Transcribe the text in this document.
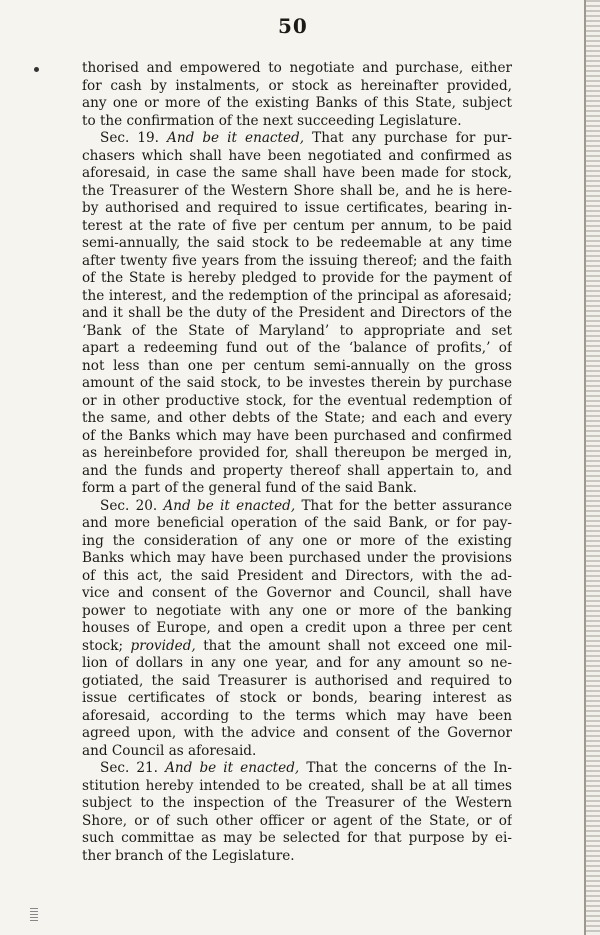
50
thorised and empowered to negotiate and purchase, either
for cash by instalments, or stock as hereinafter provided,
any one or more of the existing Banks of this State, subject
to the confirmation of the next succeeding Legislature.
Sec. 19. And be it enacted, That any purchase for pur-
chasers which shall have been negotiated and confirmed as
aforesaid, in case the same shall have been made for stock,
the Treasurer of the Western Shore shall be, and he is here-
by authorised and required to issue certificates, bearing in-
terest at the rate of five per centum per annum, to be paid
semi-annually, the said stock to be redeemable at any time
after twenty five years from the issuing thereof; and the faith
of the State is hereby pledged to provide for the payment of
the interest, and the redemption of the principal as aforesaid;
and it shall be the duty of the President and Directors of the
‘Bank of the State of Maryland’ to appropriate and set
apart a redeeming fund out of the ‘balance of profits,’ of
not less than one per centum semi-annually on the gross
amount of the said stock, to be investes therein by purchase
or in other productive stock, for the eventual redemption of
the same, and other debts of the State; and each and every
of the Banks which may have been purchased and confirmed
as hereinbefore provided for, shall thereupon be merged in,
and the funds and property thereof shall appertain to, and
form a part of the general fund of the said Bank.
Sec. 20. And be it enacted, That for the better assurance
and more beneficial operation of the said Bank, or for pay-
ing the consideration of any one or more of the existing
Banks which may have been purchased under the provisions
of this act, the said President and Directors, with the ad-
vice and consent of the Governor and Council, shall have
power to negotiate with any one or more of the banking
houses of Europe, and open a credit upon a three per cent
stock; provided, that the amount shall not exceed one mil-
lion of dollars in any one year, and for any amount so ne-
gotiated, the said Treasurer is authorised and required to
issue certificates of stock or bonds, bearing interest as
aforesaid, according to the terms which may have been
agreed upon, with the advice and consent of the Governor
and Council as aforesaid.
Sec. 21. And be it enacted, That the concerns of the In-
stitution hereby intended to be created, shall be at all times
subject to the inspection of the Treasurer of the Western
Shore, or of such other officer or agent of the State, or of
such committae as may be selected for that purpose by ei-
ther branch of the Legislature.
